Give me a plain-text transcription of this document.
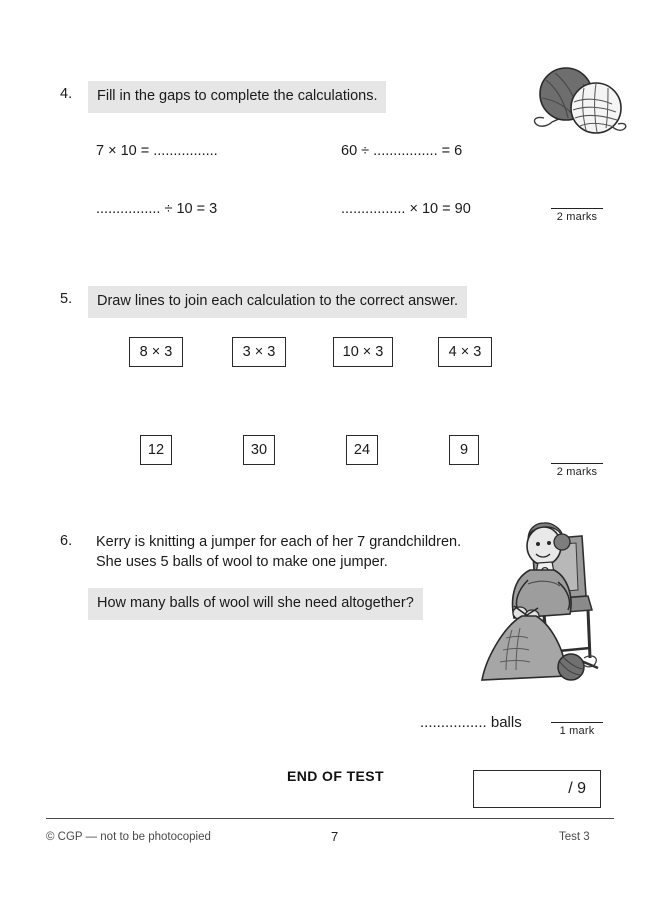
4.	Fill in the gaps to complete the calculations.
7 × 10 = ................	60 ÷ ................ = 6
................ ÷ 10 = 3	................ × 10 = 90	2 marks
5.	Draw lines to join each calculation to the correct answer.
8 × 3	3 × 3	10 × 3	4 × 3
12	30	24	9
2 marks
6. Kerry is knitting a jumper for each of her 7 grandchildren.
She uses 5 balls of wool to make one jumper.
How many balls of wool will she need altogether?
................ balls	1 mark
END OF TEST
/ 9
© CGP — not to be photocopied	7	Test 3
